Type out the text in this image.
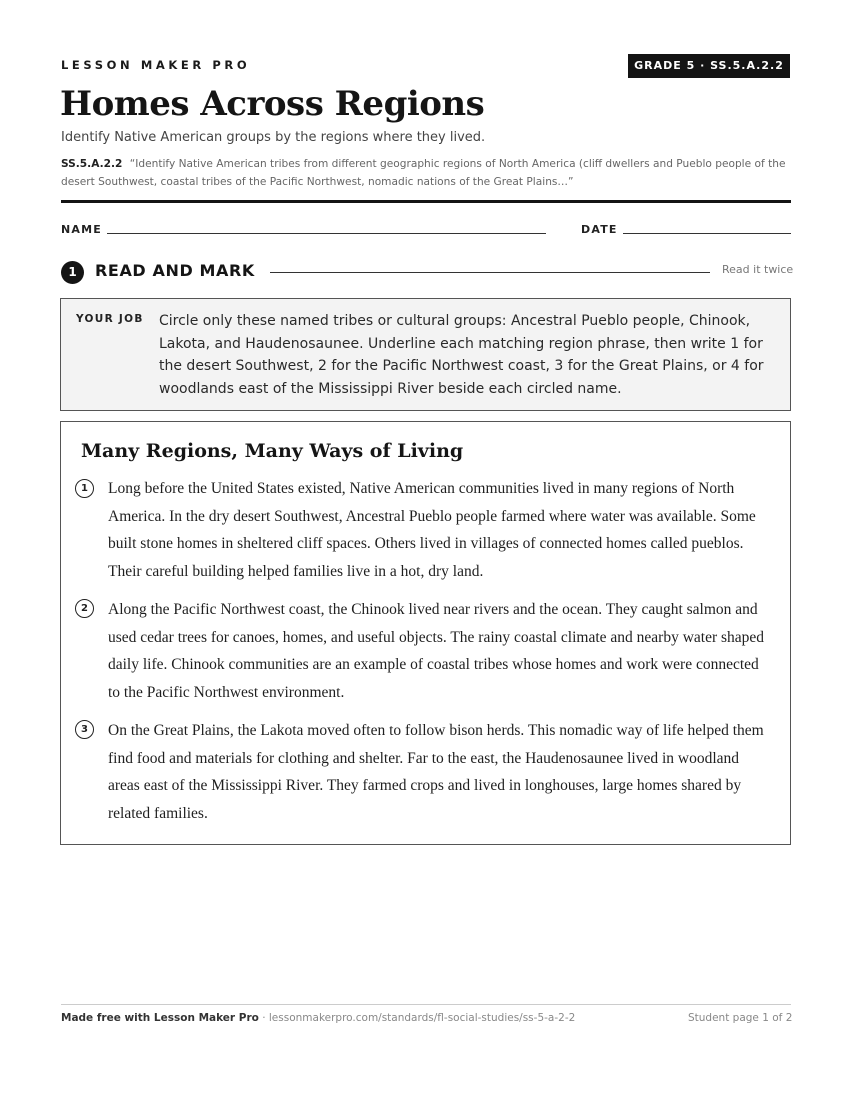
LESSON MAKER PRO	GRADE 5 · SS.5.A.2.2
Homes Across Regions
Identify Native American groups by the regions where they lived.
SS.5.A.2.2 “Identify Native American tribes from different geographic regions of North America (cliff dwellers and Pueblo people of the desert Southwest, coastal tribes of the Pacific Northwest, nomadic nations of the Great Plains…”
NAME	DATE
1	READ AND MARK	Read it twice
YOUR JOB Circle only these named tribes or cultural groups: Ancestral Pueblo people, Chinook, Lakota, and Haudenosaunee. Underline each matching region phrase, then write 1 for the desert Southwest, 2 for the Pacific Northwest coast, 3 for the Great Plains, or 4 for woodlands east of the Mississippi River beside each circled name.
Many Regions, Many Ways of Living
1	Long before the United States existed, Native American communities lived in many regions of North America. In the dry desert Southwest, Ancestral Pueblo people farmed where water was available. Some built stone homes in sheltered cliff spaces. Others lived in villages of connected homes called pueblos. Their careful building helped families live in a hot, dry land.
2	Along the Pacific Northwest coast, the Chinook lived near rivers and the ocean. They caught salmon and used cedar trees for canoes, homes, and useful objects. The rainy coastal climate and nearby water shaped daily life. Chinook communities are an example of coastal tribes whose homes and work were connected to the Pacific Northwest environment.
3	On the Great Plains, the Lakota moved often to follow bison herds. This nomadic way of life helped them find food and materials for clothing and shelter. Far to the east, the Haudenosaunee lived in woodland areas east of the Mississippi River. They farmed crops and lived in longhouses, large homes shared by related families.
Made free with Lesson Maker Pro · lessonmakerpro.com/standards/fl-social-studies/ss-5-a-2-2	Student page 1 of 2
